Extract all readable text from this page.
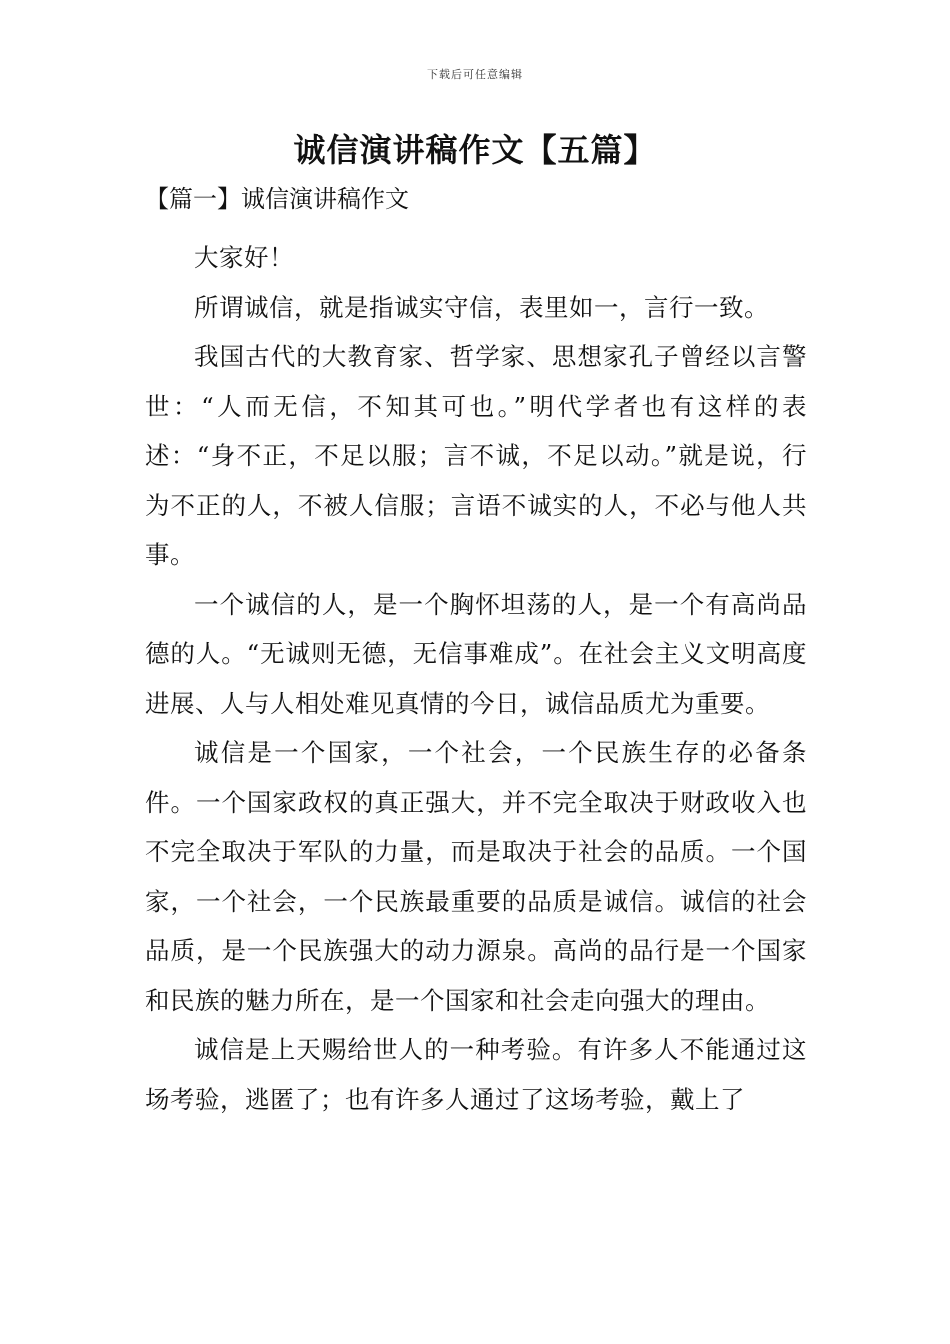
下载后可任意编辑
诚信演讲稿作文【五篇】
【篇一】诚信演讲稿作文

大家好！

所谓诚信，就是指诚实守信，表里如一，言行一致。

我国古代的大教育家、哲学家、思想家孔子曾经以言警世：“人而无信，不知其可也。”明代学者也有这样的表述：“身不正，不足以服；言不诚，不足以动。”就是说，行为不正的人，不被人信服；言语不诚实的人，不必与他人共事。

一个诚信的人，是一个胸怀坦荡的人，是一个有高尚品德的人。“无诚则无德，无信事难成”。在社会主义文明高度进展、人与人相处难见真情的今日，诚信品质尤为重要。

诚信是一个国家，一个社会，一个民族生存的必备条件。一个国家政权的真正强大，并不完全取决于财政收入也不完全取决于军队的力量，而是取决于社会的品质。一个国家，一个社会，一个民族最重要的品质是诚信。诚信的社会品质，是一个民族强大的动力源泉。高尚的品行是一个国家和民族的魅力所在，是一个国家和社会走向强大的理由。

诚信是上天赐给世人的一种考验。有许多人不能通过这场考验，逃匿了；也有许多人通过了这场考验，戴上了
